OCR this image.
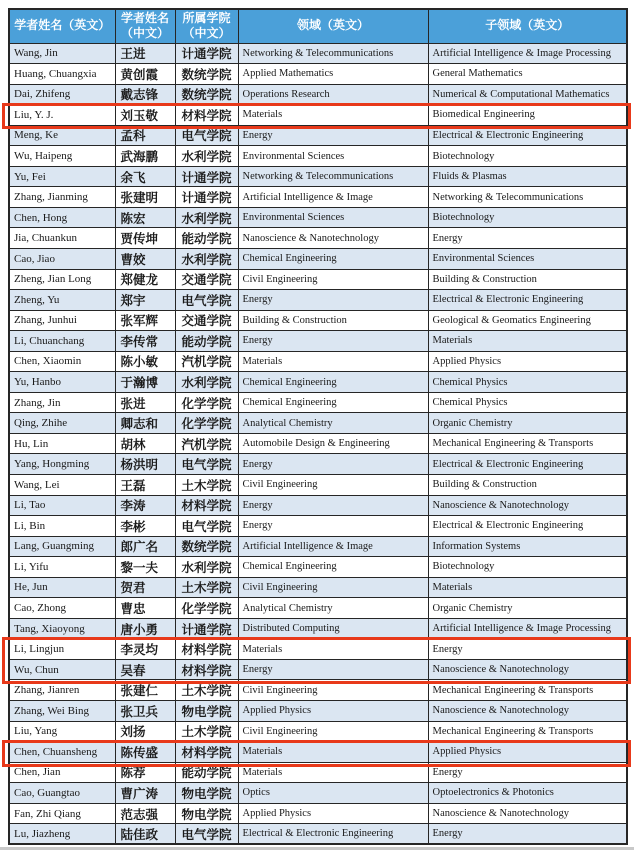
学者姓名（英文）	学者姓名（中文）	所属学院（中文）	领域（英文）	子领域（英文）
Wang, Jin	王进	计通学院	Networking & Telecommunications	Artificial Intelligence & Image Processing
Huang, Chuangxia	黄创霞	数统学院	Applied Mathematics	General Mathematics
Dai, Zhifeng	戴志锋	数统学院	Operations Research	Numerical & Computational Mathematics
Liu, Y. J.	刘玉敬	材料学院	Materials	Biomedical Engineering
Meng, Ke	孟科	电气学院	Energy	Electrical & Electronic Engineering
Wu, Haipeng	武海鹏	水利学院	Environmental Sciences	Biotechnology
Yu, Fei	余飞	计通学院	Networking & Telecommunications	Fluids & Plasmas
Zhang, Jianming	张建明	计通学院	Artificial Intelligence & Image	Networking & Telecommunications
Chen, Hong	陈宏	水利学院	Environmental Sciences	Biotechnology
Jia, Chuankun	贾传坤	能动学院	Nanoscience & Nanotechnology	Energy
Cao, Jiao	曹姣	水利学院	Chemical Engineering	Environmental Sciences
Zheng, Jian Long	郑健龙	交通学院	Civil Engineering	Building & Construction
Zheng, Yu	郑宇	电气学院	Energy	Electrical & Electronic Engineering
Zhang, Junhui	张军辉	交通学院	Building & Construction	Geological & Geomatics Engineering
Li, Chuanchang	李传常	能动学院	Energy	Materials
Chen, Xiaomin	陈小敏	汽机学院	Materials	Applied Physics
Yu, Hanbo	于瀚博	水利学院	Chemical Engineering	Chemical Physics
Zhang, Jin	张进	化学学院	Chemical Engineering	Chemical Physics
Qing, Zhihe	卿志和	化学学院	Analytical Chemistry	Organic Chemistry
Hu, Lin	胡林	汽机学院	Automobile Design & Engineering	Mechanical Engineering & Transports
Yang, Hongming	杨洪明	电气学院	Energy	Electrical & Electronic Engineering
Wang, Lei	王磊	土木学院	Civil Engineering	Building & Construction
Li, Tao	李涛	材料学院	Energy	Nanoscience & Nanotechnology
Li, Bin	李彬	电气学院	Energy	Electrical & Electronic Engineering
Lang, Guangming	郎广名	数统学院	Artificial Intelligence & Image	Information Systems
Li, Yifu	黎一夫	水利学院	Chemical Engineering	Biotechnology
He, Jun	贺君	土木学院	Civil Engineering	Materials
Cao, Zhong	曹忠	化学学院	Analytical Chemistry	Organic Chemistry
Tang, Xiaoyong	唐小勇	计通学院	Distributed Computing	Artificial Intelligence & Image Processing
Li, Lingjun	李灵均	材料学院	Materials	Energy
Wu, Chun	吴春	材料学院	Energy	Nanoscience & Nanotechnology
Zhang, Jianren	张建仁	土木学院	Civil Engineering	Mechanical Engineering & Transports
Zhang, Wei Bing	张卫兵	物电学院	Applied Physics	Nanoscience & Nanotechnology
Liu, Yang	刘扬	土木学院	Civil Engineering	Mechanical Engineering & Transports
Chen, Chuansheng	陈传盛	材料学院	Materials	Applied Physics
Chen, Jian	陈荐	能动学院	Materials	Energy
Cao, Guangtao	曹广涛	物电学院	Optics	Optoelectronics & Photonics
Fan, Zhi Qiang	范志强	物电学院	Applied Physics	Nanoscience & Nanotechnology
Lu, Jiazheng	陆佳政	电气学院	Electrical & Electronic Engineering	Energy
